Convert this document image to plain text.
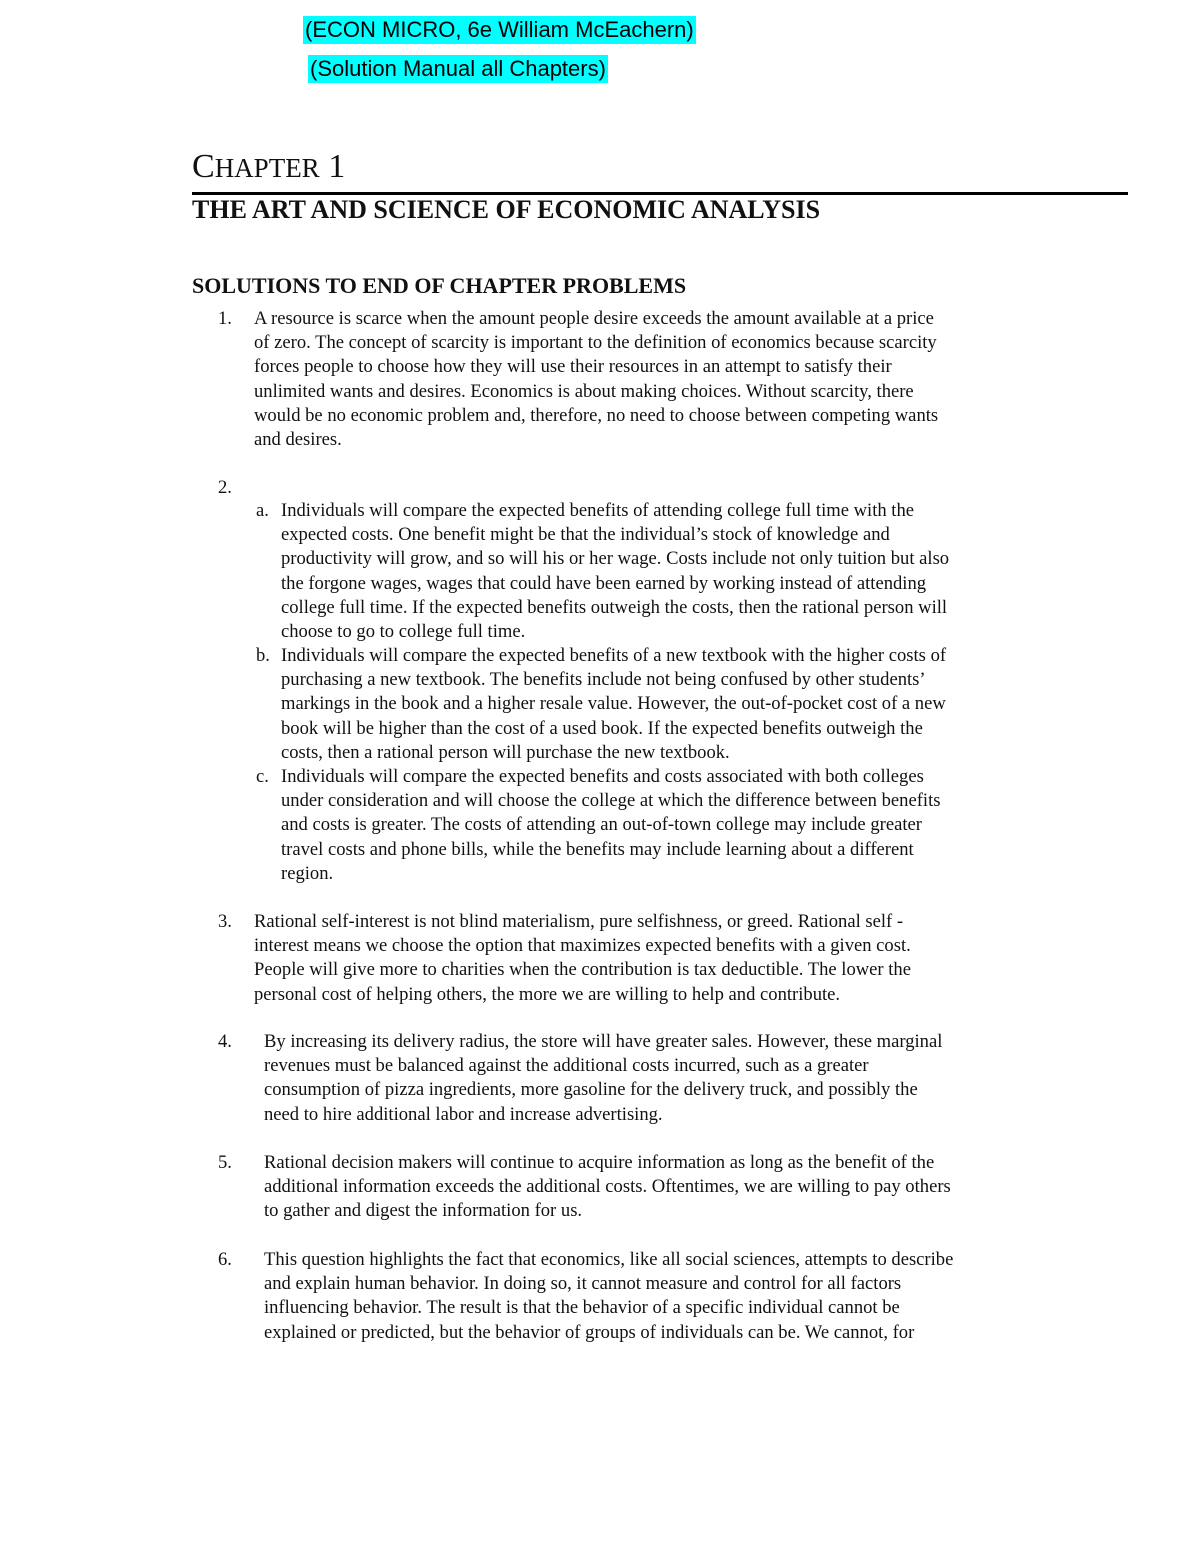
(ECON MICRO, 6e William McEachern)
(Solution Manual all Chapters)
CHAPTER 1
THE ART AND SCIENCE OF ECONOMIC ANALYSIS
SOLUTIONS TO END OF CHAPTER PROBLEMS
1. A resource is scarce when the amount people desire exceeds the amount available at a price

of zero. The concept of scarcity is important to the definition of economics because scarcity

forces people to choose how they will use their resources in an attempt to satisfy their

unlimited wants and desires. Economics is about making choices. Without scarcity, there

would be no economic problem and, therefore, no need to choose between competing wants

and desires.

2.
a. Individuals will compare the expected benefits of attending college full time with the

expected costs. One benefit might be that the individual’s stock of knowledge and

productivity will grow, and so will his or her wage. Costs include not only tuition but also

the forgone wages, wages that could have been earned by working instead of attending

college full time. If the expected benefits outweigh the costs, then the rational person will

choose to go to college full time.

b. Individuals will compare the expected benefits of a new textbook with the higher costs of

purchasing a new textbook. The benefits include not being confused by other students’

markings in the book and a higher resale value. However, the out-of-pocket cost of a new

book will be higher than the cost of a used book. If the expected benefits outweigh the

costs, then a rational person will purchase the new textbook.

c. Individuals will compare the expected benefits and costs associated with both colleges

under consideration and will choose the college at which the difference between benefits

and costs is greater. The costs of attending an out-of-town college may include greater

travel costs and phone bills, while the benefits may include learning about a different

region.

3. Rational self-interest is not blind materialism, pure selfishness, or greed. Rational self -

interest means we choose the option that maximizes expected benefits with a given cost.

People will give more to charities when the contribution is tax deductible. The lower the

personal cost of helping others, the more we are willing to help and contribute.

4. By increasing its delivery radius, the store will have greater sales. However, these marginal

revenues must be balanced against the additional costs incurred, such as a greater

consumption of pizza ingredients, more gasoline for the delivery truck, and possibly the

need to hire additional labor and increase advertising.

5. Rational decision makers will continue to acquire information as long as the benefit of the

additional information exceeds the additional costs. Oftentimes, we are willing to pay others

to gather and digest the information for us.

6. This question highlights the fact that economics, like all social sciences, attempts to describe

and explain human behavior. In doing so, it cannot measure and control for all factors

influencing behavior. The result is that the behavior of a specific individual cannot be

explained or predicted, but the behavior of groups of individuals can be. We cannot, for
